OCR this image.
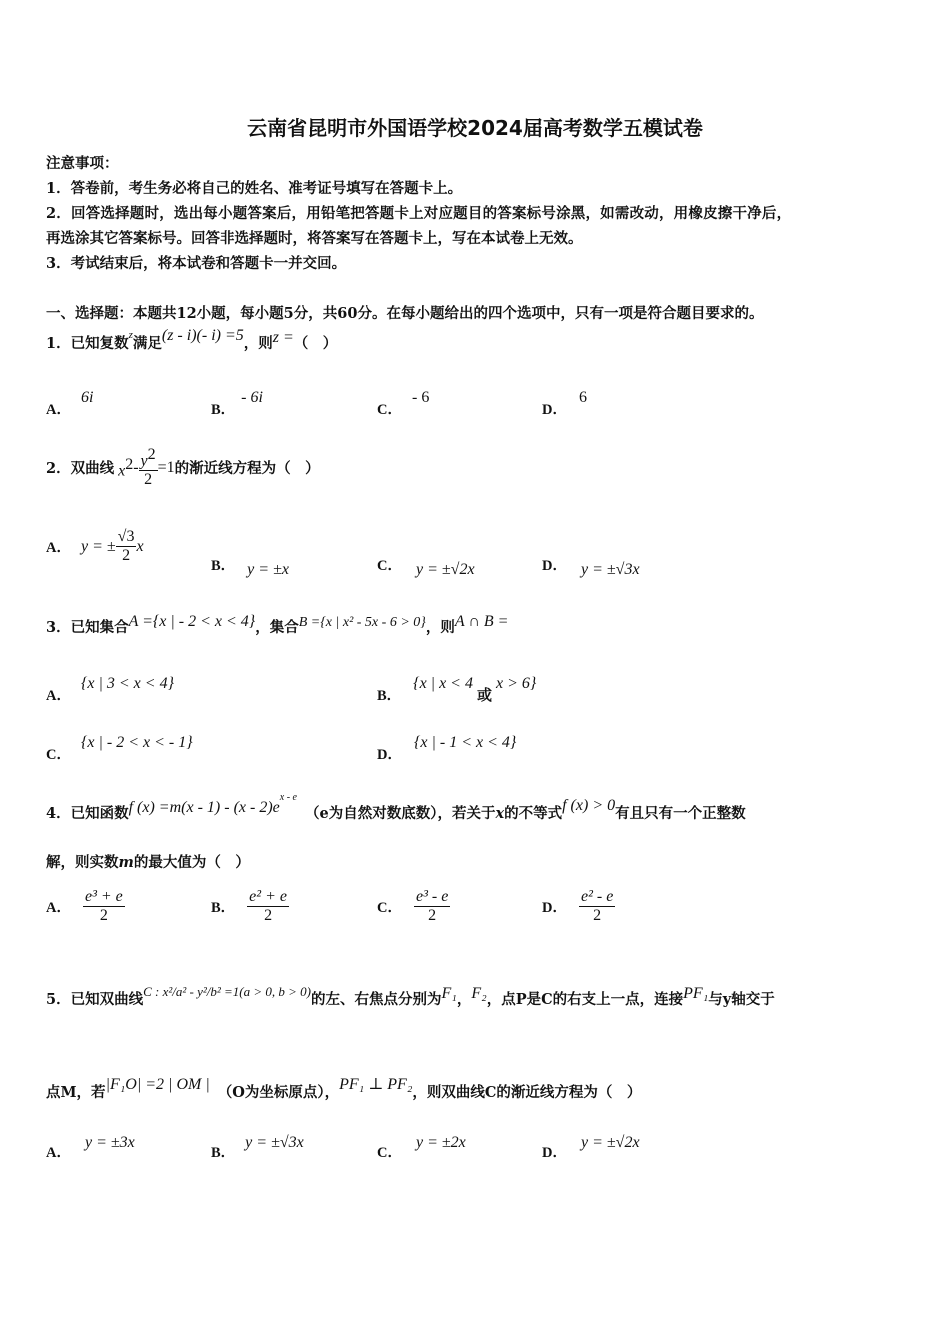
云南省昆明市外国语学校2024届高考数学五模试卷
注意事项：
1．答卷前，考生务必将自己的姓名、准考证号填写在答题卡上。
2．回答选择题时，选出每小题答案后，用铅笔把答题卡上对应题目的答案标号涂黑，如需改动，用橡皮擦干净后，
再选涂其它答案标号。回答非选择题时，将答案写在答题卡上，写在本试卷上无效。
3．考试结束后，将本试卷和答题卡一并交回。
一、选择题：本题共12小题，每小题5分，共60分。在每小题给出的四个选项中，只有一项是符合题目要求的。
1．已知复数$^z$满足(z - i)(- i) =5，则z =（　）
A．6i
B．- 6i
C．- 6
D．6
2．双曲线 $x^2 - \frac{y^2}{2} =1$ 的渐近线方程为（　）
A． y = ± $\frac{√3}{2}$ x
B． y = ±x	C． y = ±√2x	D． y = ±√3x
3．已知集合A ={x | - 2 < x < 4}，集合B ={x | x² - 5x - 6 > 0}，则A ∩ B =
A．{x | 3 < x < 4}
B．{x | x < 4或x > 6}
C．{x | - 2 < x < - 1}
D．{x | - 1 < x < 4}
4．已知函数f $(x) =m(x - 1) - (x - 2)e^{x - e}(e$为自然对数底数），若关于x的不等式f (x) > 0有且只有一个正整数
解，则实数m的最大值为（　）
A． $\frac{\text{e³ + e}}{2}$	B． $\frac{\text{e² + e}}{2}$	C． $\frac{\text{e³ - e}}{2}$	D． $\frac{\text{e² - e}}{2}$
5．已知双曲线C : x²/a² - y²/b² =1(a > 0, b > 0)的左、右焦点分别为F₁，F₂，点P是C的右支上一点，连接PF₁与y轴交于
点M，若|F₁O| =2 | OM | （O为坐标原点），PF₁ ⊥ PF₂，则双曲线C的渐近线方程为（　）
A．y = ±3x
B．y = ±√3x
C．y = ±2x
D．y = ±√2x
